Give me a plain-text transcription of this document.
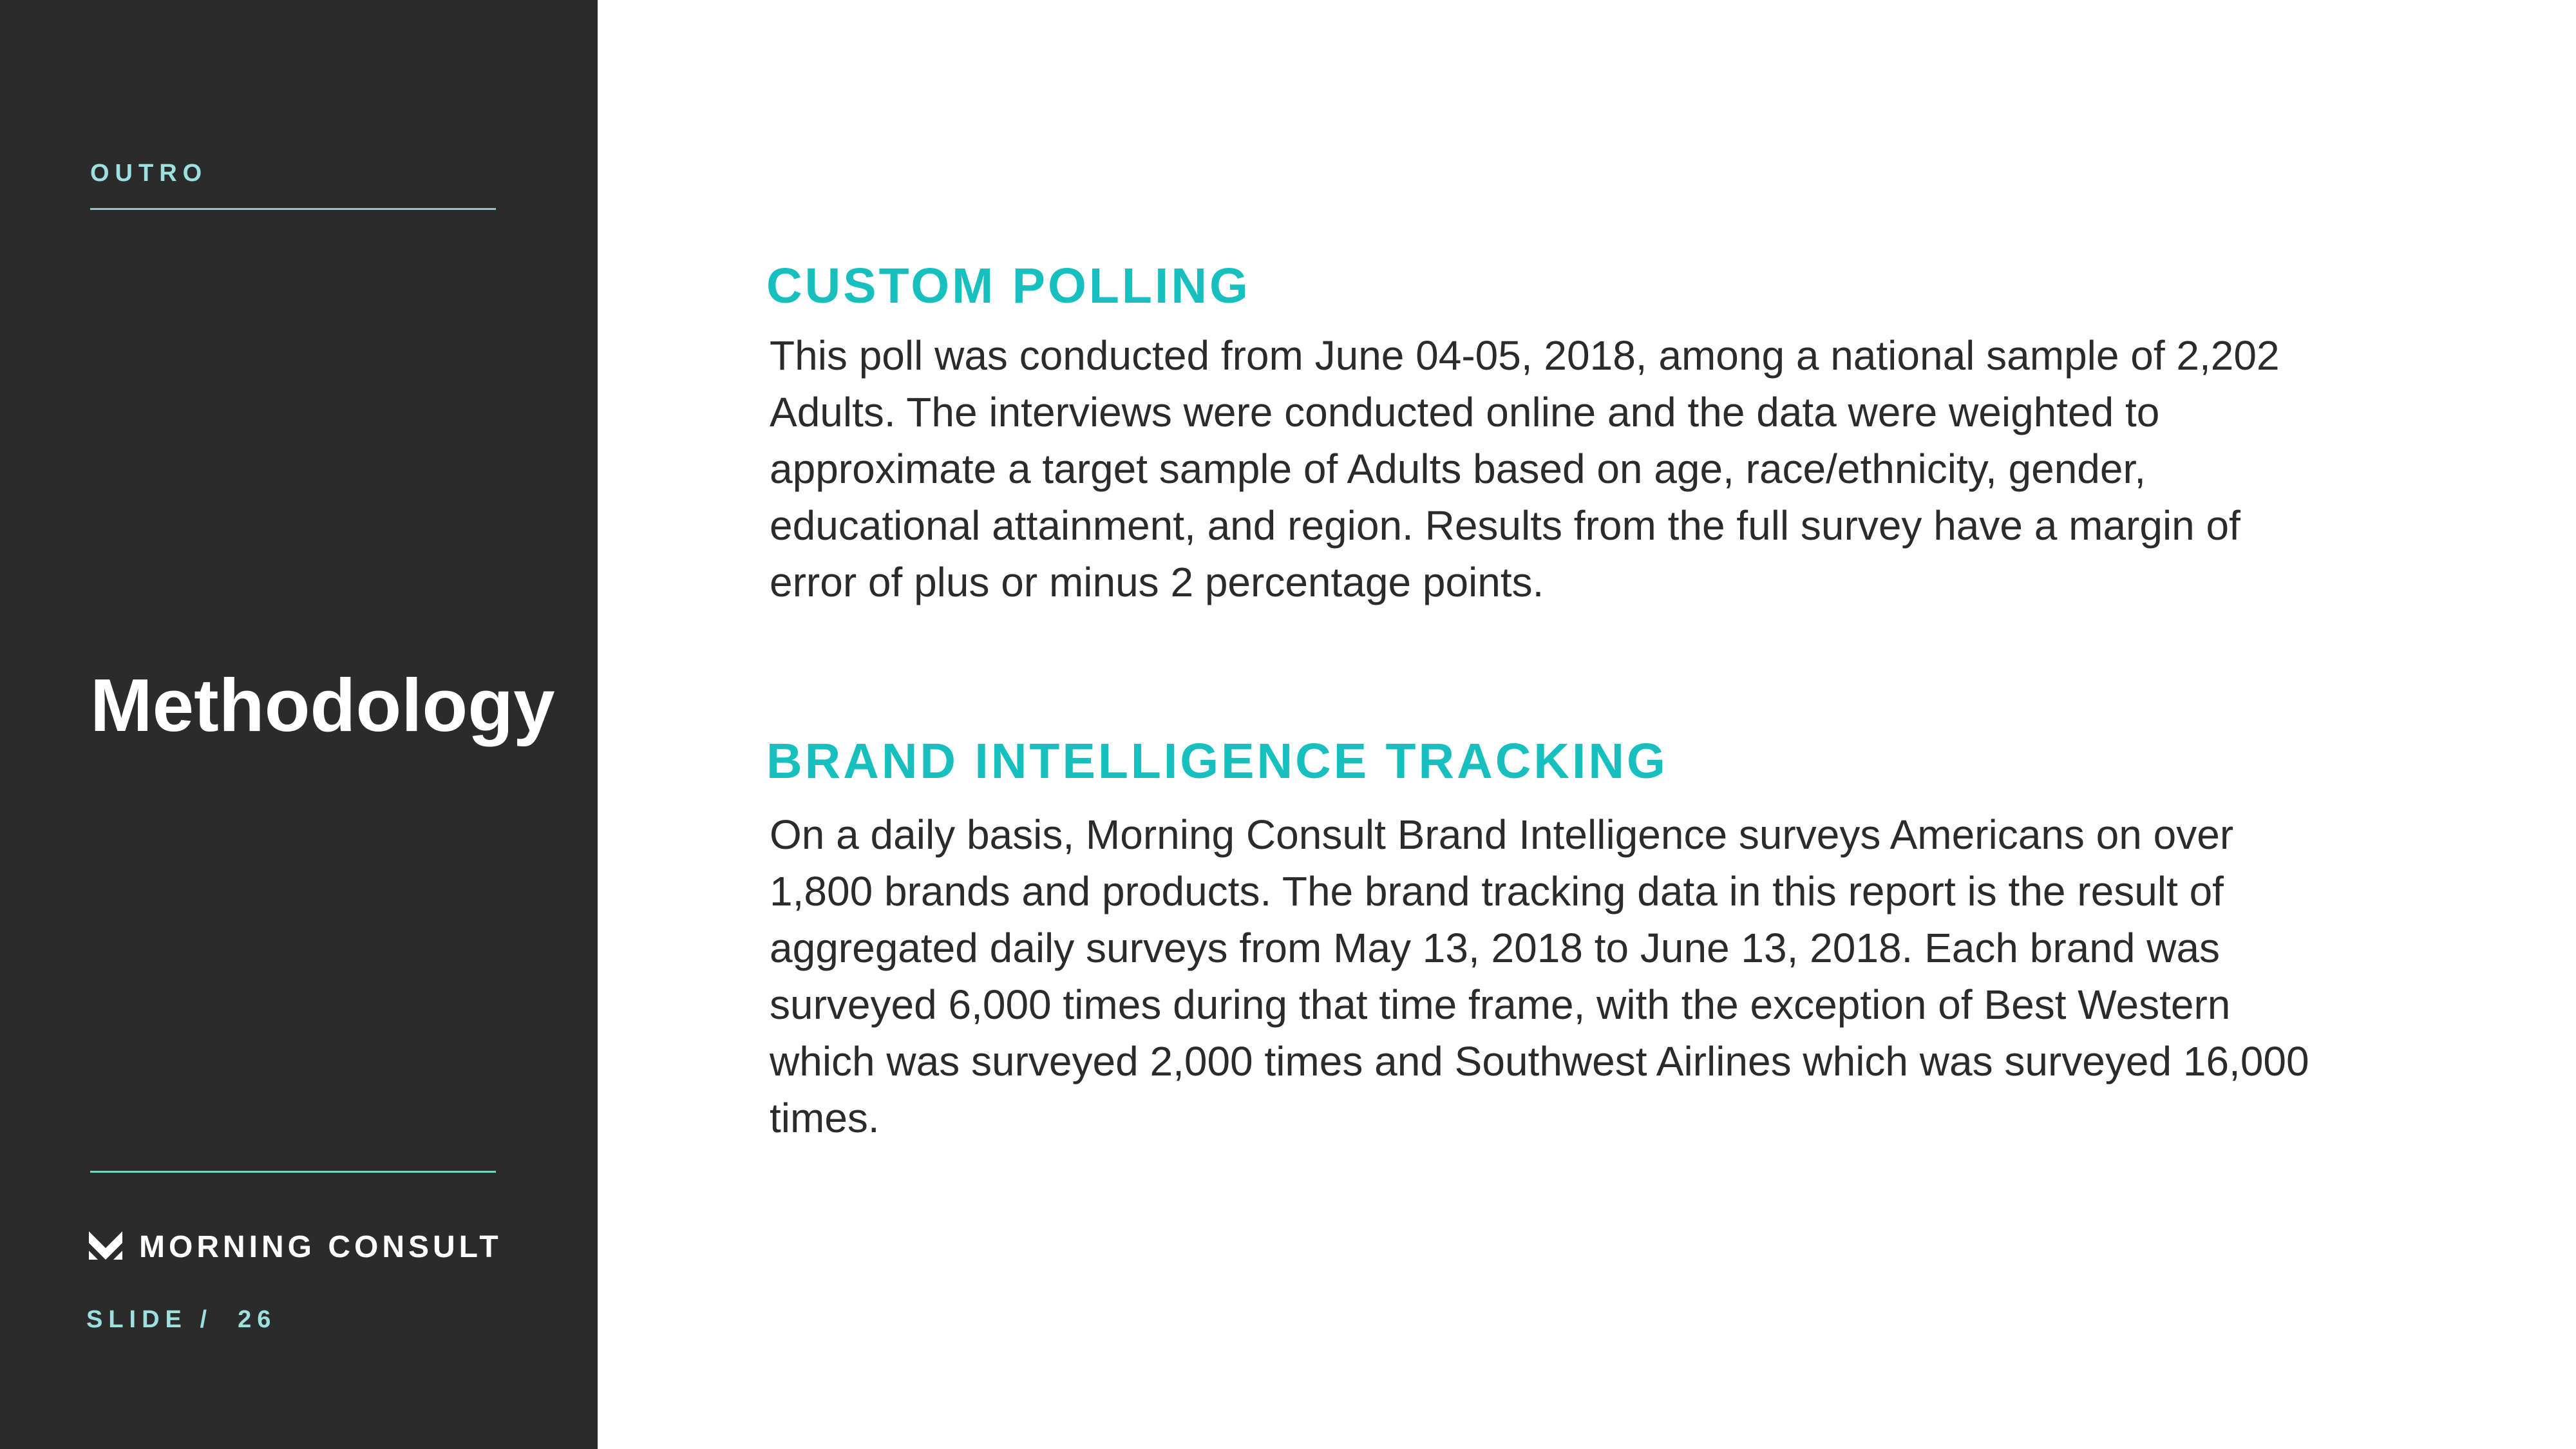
OUTRO
Methodology
MORNING CONSULT
SLIDE /  26
CUSTOM POLLING

This poll was conducted from June 04-05, 2018, among a national sample of 2,202 Adults. The interviews were conducted online and the data were weighted to approximate a target sample of Adults based on age, race/ethnicity, gender, educational attainment, and region. Results from the full survey have a margin of error of plus or minus 2 percentage points.

BRAND INTELLIGENCE TRACKING

On a daily basis, Morning Consult Brand Intelligence surveys Americans on over 1,800 brands and products. The brand tracking data in this report is the result of aggregated daily surveys from May 13, 2018 to June 13, 2018. Each brand was surveyed 6,000 times during that time frame, with the exception of Best Western which was surveyed 2,000 times and Southwest Airlines which was surveyed 16,000 times.
